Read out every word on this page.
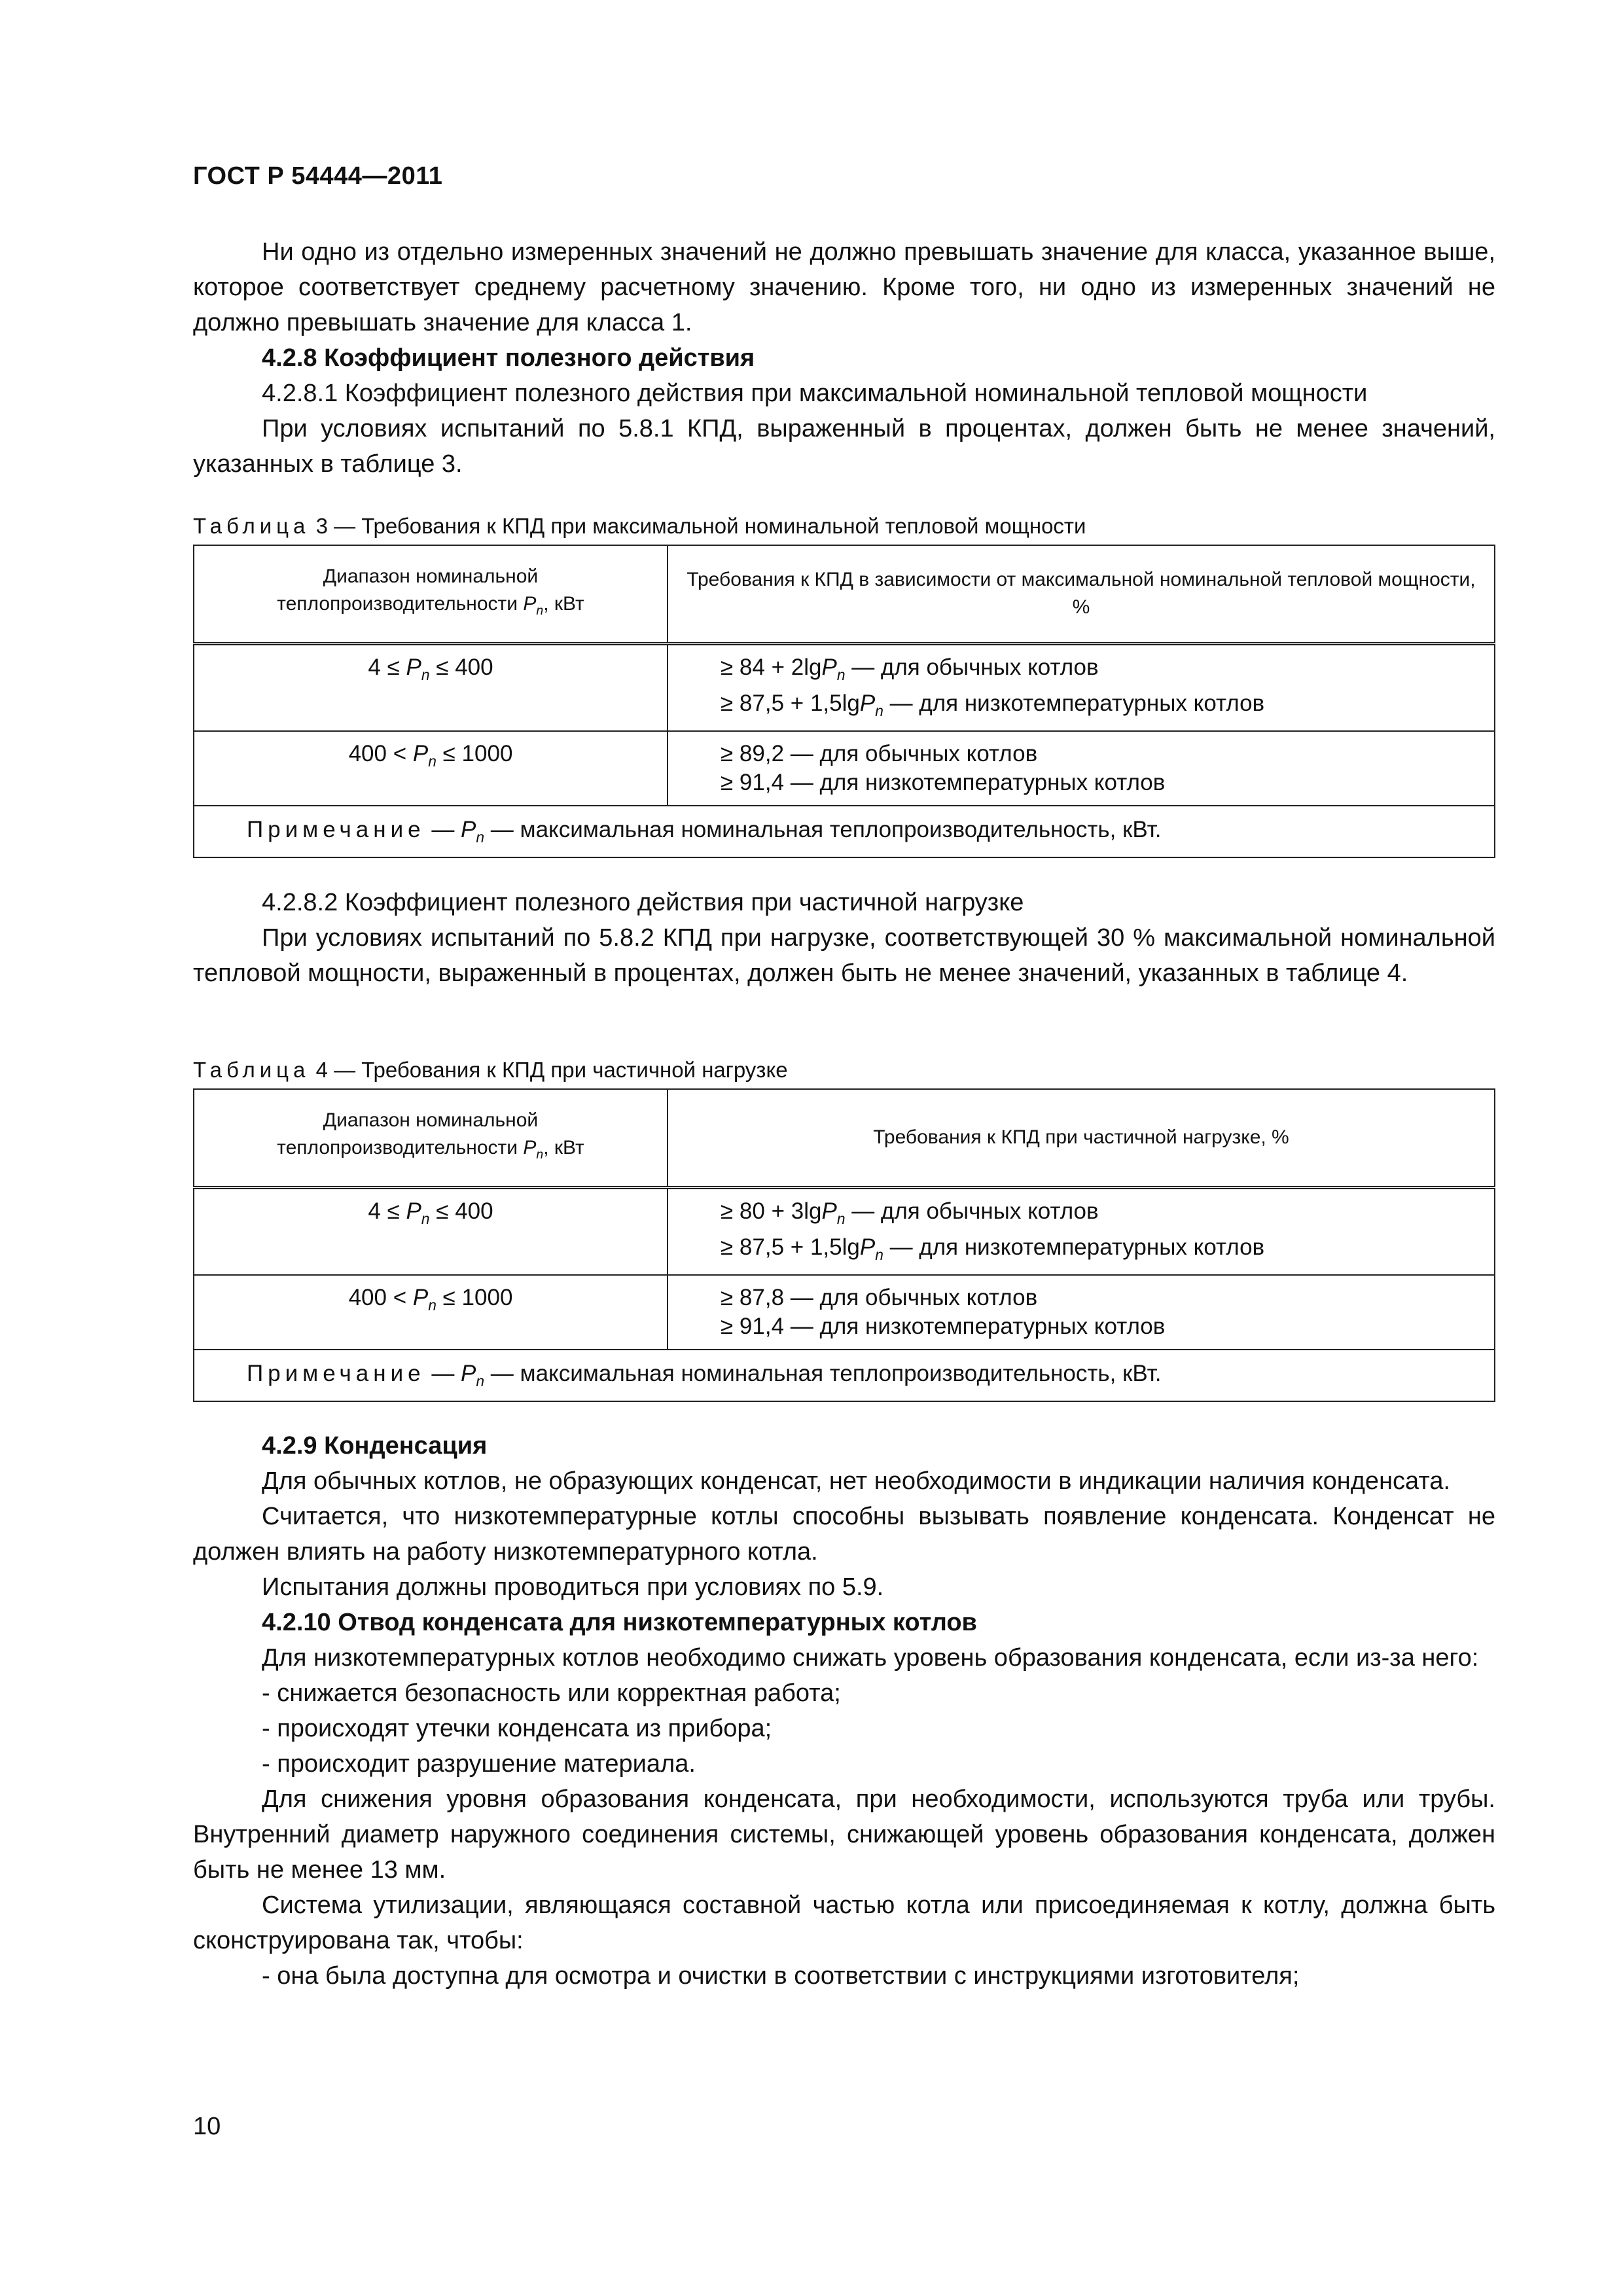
ГОСТ Р 54444—2011

Ни одно из отдельно измеренных значений не должно превышать значение для класса, указанное выше, которое соответствует среднему расчетному значению. Кроме того, ни одно из измеренных значений не должно превышать значение для класса 1.

4.2.8 Коэффициент полезного действия

4.2.8.1 Коэффициент полезного действия при максимальной номинальной тепловой мощности

При условиях испытаний по 5.8.1 КПД, выраженный в процентах, должен быть не менее значений, указанных в таблице 3.

Таблица 3 — Требования к КПД при максимальной номинальной тепловой мощности
Диапазон номинальной теплопроизводительности $P_n$, кВт	Требования к КПД в зависимости от максимальной номинальной тепловой мощности, %
$4 \le P_n \le 400$	≥ 84 + 2lgP$_n$ — для обычных котлов
≥ 87,5 + 1,5lgP$_n$ — для низкотемпературных котлов

$400 < P_n \le 1000$	≥ 89,2 — для обычных котлов
≥ 91,4 — для низкотемпературных котлов

Примечание — $P_n$ — максимальная номинальная теплопроизводительность, кВт.	

4.2.8.2 Коэффициент полезного действия при частичной нагрузке

При условиях испытаний по 5.8.2 КПД при нагрузке, соответствующей 30 % максимальной номинальной тепловой мощности, выраженный в процентах, должен быть не менее значений, указанных в таблице 4.

Таблица 4 — Требования к КПД при частичной нагрузке
Диапазон номинальной теплопроизводительности $P_n$, кВт	Требования к КПД при частичной нагрузке, %
$4 \le P_n \le 400$	≥ 80 + 3lgP$_n$ — для обычных котлов
≥ 87,5 + 1,5lgP$_n$ — для низкотемпературных котлов

$400 < P_n \le 1000$	≥ 87,8 — для обычных котлов
≥ 91,4 — для низкотемпературных котлов

Примечание — $P_n$ — максимальная номинальная теплопроизводительность, кВт.	

4.2.9 Конденсация

Для обычных котлов, не образующих конденсат, нет необходимости в индикации наличия конденсата.

Считается, что низкотемпературные котлы способны вызывать появление конденсата. Конденсат не должен влиять на работу низкотемпературного котла.

Испытания должны проводиться при условиях по 5.9.

4.2.10 Отвод конденсата для низкотемпературных котлов

Для низкотемпературных котлов необходимо снижать уровень образования конденсата, если из-за него:

- снижается безопасность или корректная работа;

- происходят утечки конденсата из прибора;

- происходит разрушение материала.

Для снижения уровня образования конденсата, при необходимости, используются труба или трубы. Внутренний диаметр наружного соединения системы, снижающей уровень образования конденсата, должен быть не менее 13 мм.

Система утилизации, являющаяся составной частью котла или присоединяемая к котлу, должна быть сконструирована так, чтобы:

- она была доступна для осмотра и очистки в соответствии с инструкциями изготовителя;

10
